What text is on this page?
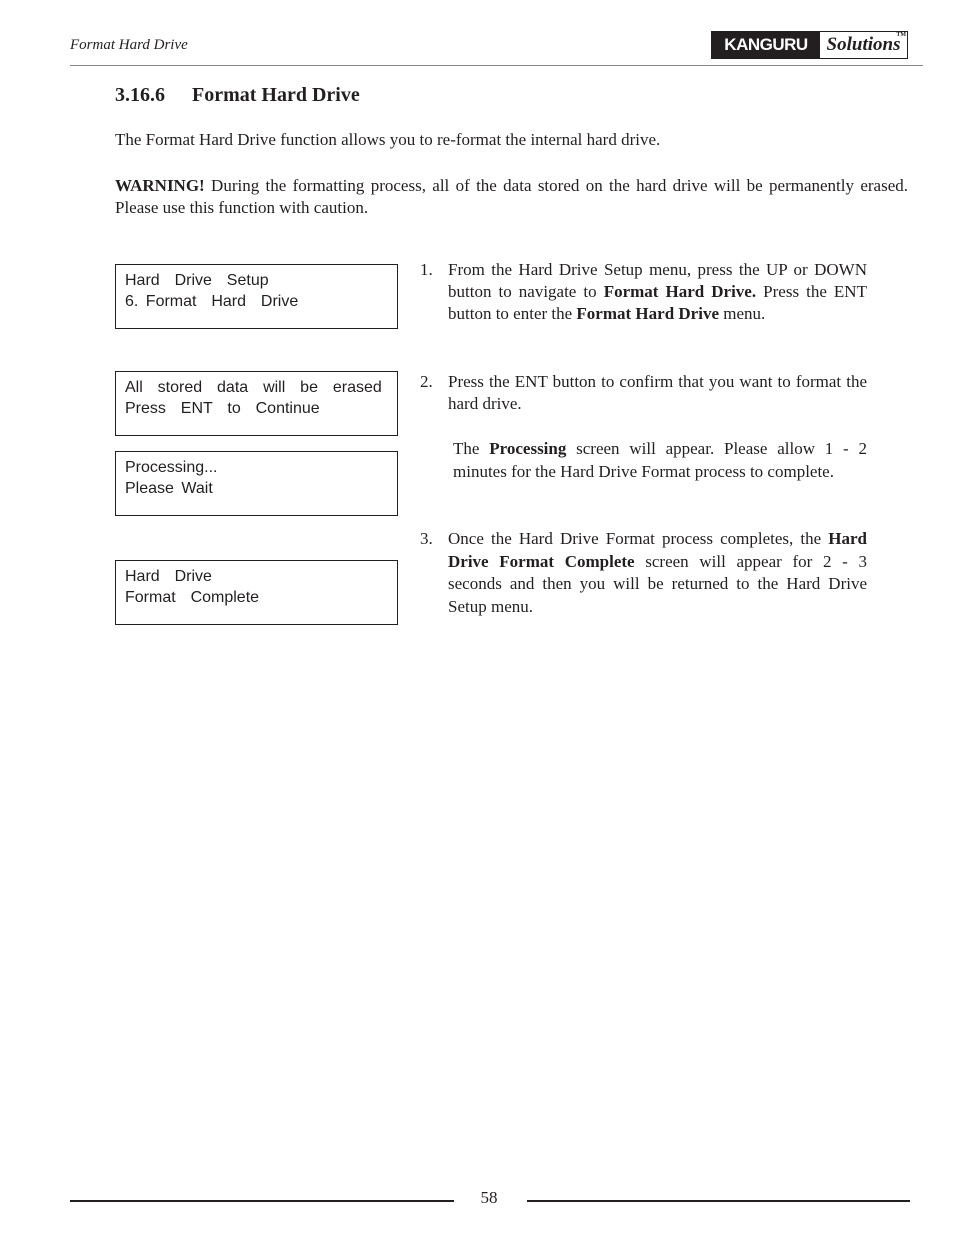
Format Hard Drive	KANGURU Solutions
TM
3.16.6 Format Hard Drive
The Format Hard Drive function allows you to re-format the internal hard drive.
WARNING! During the formatting process, all of the data stored on the hard drive will be permanently erased. Please use this function with caution.
Hard  Drive  Setup
6. Format  Hard  Drive
All  stored  data  will  be  erased
Press  ENT  to  Continue
Processing...
Please Wait
Hard  Drive
Format  Complete
1. From the Hard Drive Setup menu, press the UP or DOWN button to navigate to Format Hard Drive. Press the ENT button to enter the Format Hard Drive menu.
2. Press the ENT button to confirm that you want to format the hard drive.
The Processing screen will appear. Please allow 1 - 2 minutes for the Hard Drive Format process to complete.
3. Once the Hard Drive Format process completes, the Hard Drive Format Complete screen will appear for 2 - 3 seconds and then you will be returned to the Hard Drive Setup menu.
58
